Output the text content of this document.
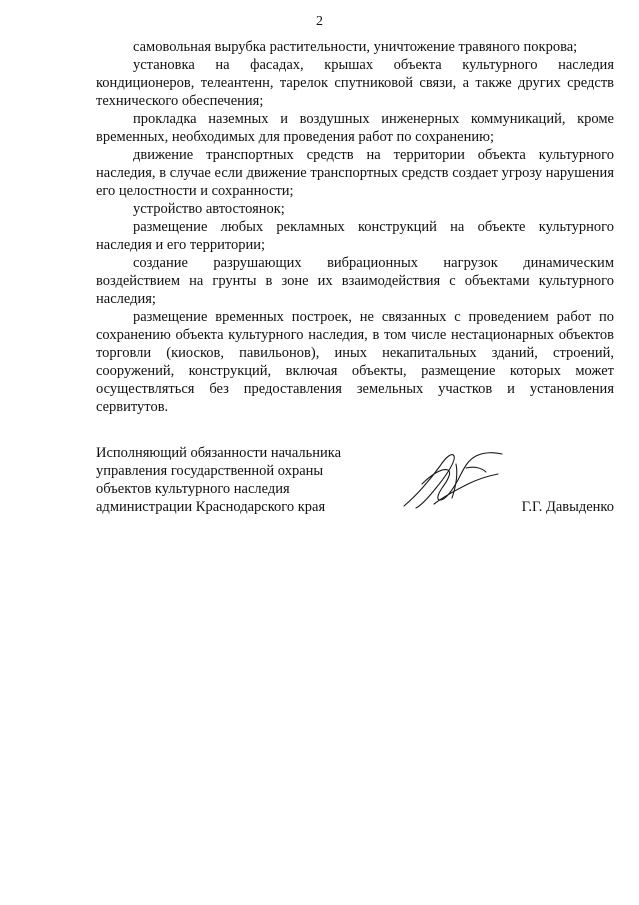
2

самовольная вырубка растительности, уничтожение травяного покрова;

установка на фасадах, крышах объекта культурного наследия кондиционеров, телеантенн, тарелок спутниковой связи, а также других средств технического обеспечения;

прокладка наземных и воздушных инженерных коммуникаций, кроме временных, необходимых для проведения работ по сохранению;

движение транспортных средств на территории объекта культурного наследия, в случае если движение транспортных средств создает угрозу нарушения его целостности и сохранности;

устройство автостоянок;

размещение любых рекламных конструкций на объекте культурного наследия и его территории;

создание разрушающих вибрационных нагрузок динамическим воздействием на грунты в зоне их взаимодействия с объектами культурного наследия;

размещение временных построек, не связанных с проведением работ по сохранению объекта культурного наследия, в том числе нестационарных объектов торговли (киосков, павильонов), иных некапитальных зданий, строений, сооружений, конструкций, включая объекты, размещение которых может осуществляться без предоставления земельных участков и установления сервитутов.

Исполняющий обязанности начальника
управления государственной охраны
объектов культурного наследия
администрации Краснодарского края	Г.Г. Давыденко
